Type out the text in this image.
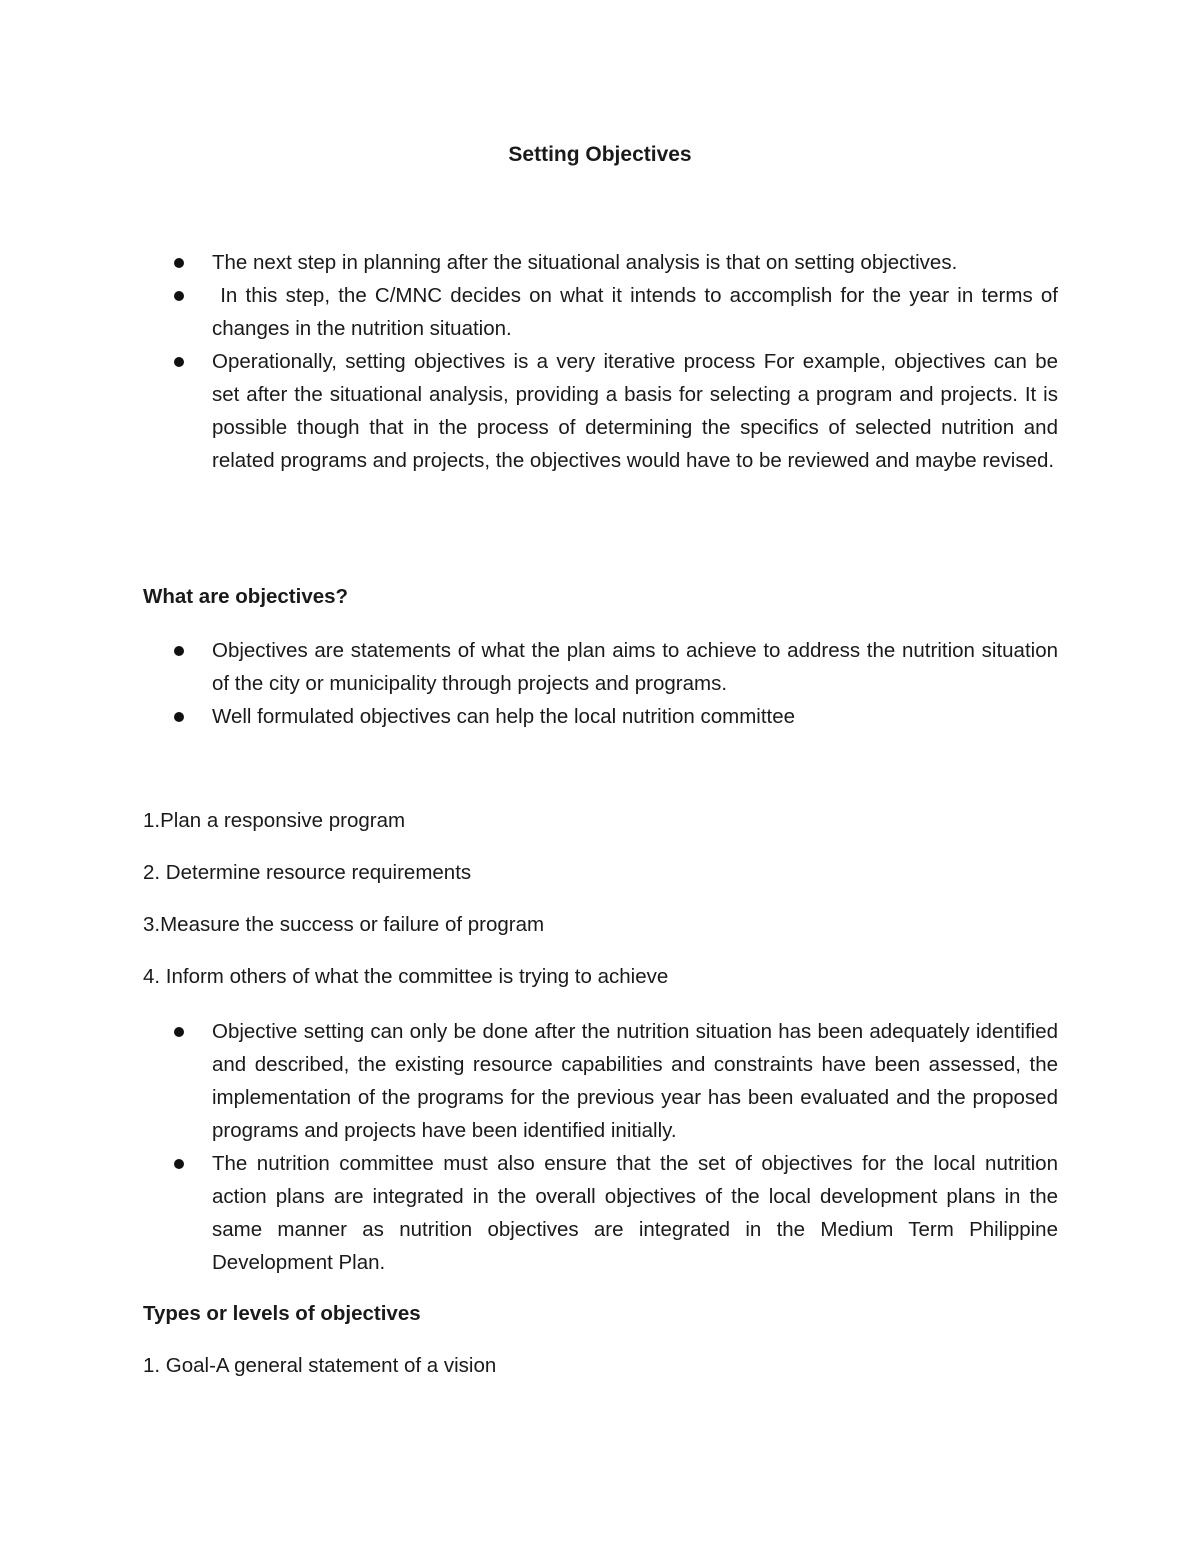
Setting Objectives
The next step in planning after the situational analysis is that on setting objectives.
In this step, the C/MNC decides on what it intends to accomplish for the year in terms of changes in the nutrition situation.
Operationally, setting objectives is a very iterative process For example, objectives can be set after the situational analysis, providing a basis for selecting a program and projects. It is possible though that in the process of determining the specifics of selected nutrition and related programs and projects, the objectives would have to be reviewed and maybe revised.
What are objectives?
Objectives are statements of what the plan aims to achieve to address the nutrition situation of the city or municipality through projects and programs.
Well formulated objectives can help the local nutrition committee
1.Plan a responsive program
2. Determine resource requirements
3.Measure the success or failure of program
4. Inform others of what the committee is trying to achieve
Objective setting can only be done after the nutrition situation has been adequately identified and described, the existing resource capabilities and constraints have been assessed, the implementation of the programs for the previous year has been evaluated and the proposed programs and projects have been identified initially.
The nutrition committee must also ensure that the set of objectives for the local nutrition action plans are integrated in the overall objectives of the local development plans in the same manner as nutrition objectives are integrated in the Medium Term Philippine Development Plan.
Types or levels of objectives
1. Goal-A general statement of a vision
